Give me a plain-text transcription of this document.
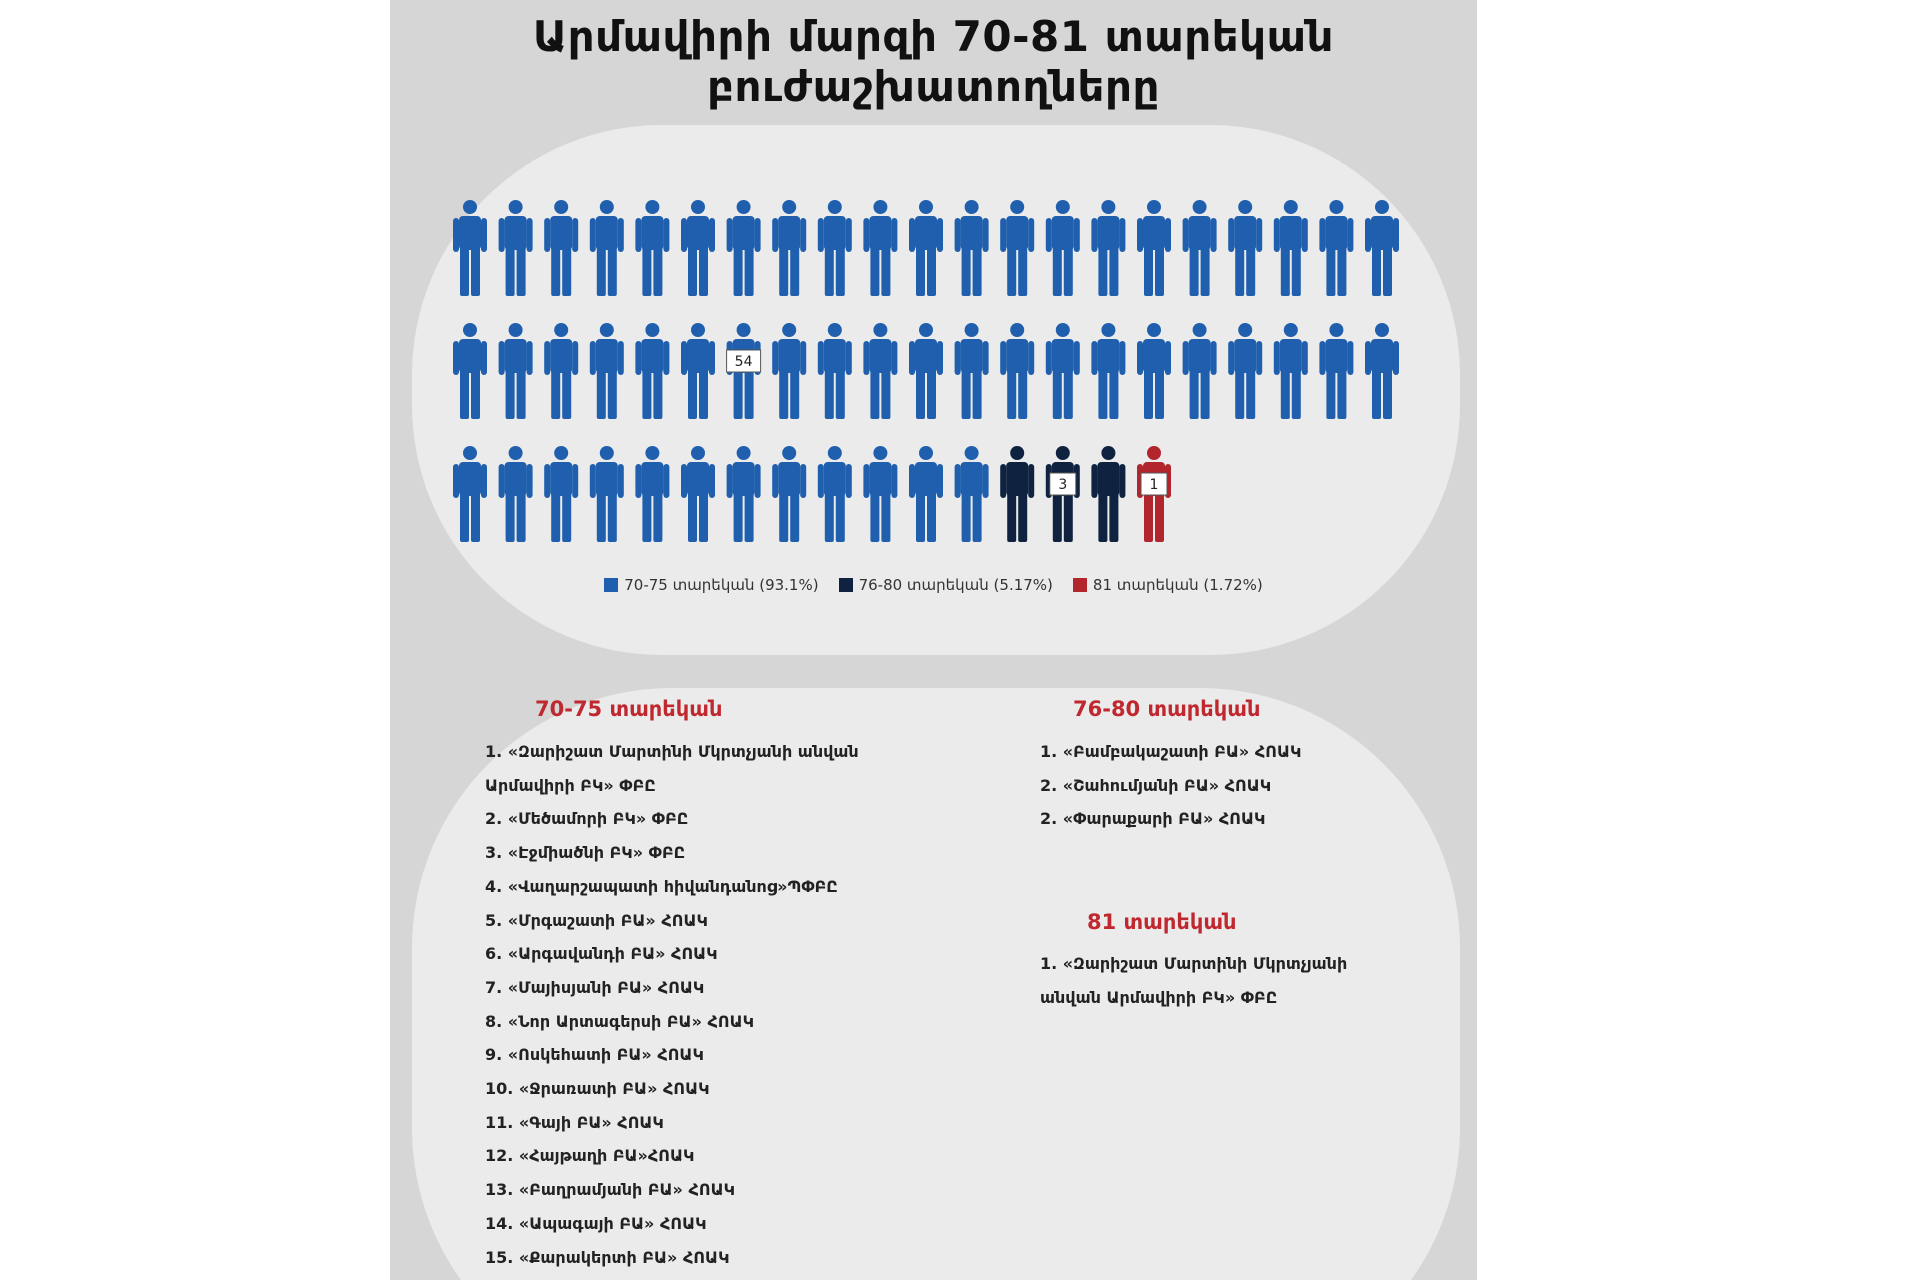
Արմավիրի մարզի 70-81 տարեկան
բուժաշխատողները
54
3	1
70-75 տարեկան (93.1%)	76-80 տարեկան (5.17%)	81 տարեկան (1.72%)
70-75 տարեկան
1. «Զարիշատ Մարտինի Մկրտչյանի անվան
Արմավիրի ԲԿ» ՓԲԸ
2. «Մեծամորի ԲԿ» ՓԲԸ
3. «Էջմիածնի ԲԿ» ՓԲԸ
4. «Վաղարշապատի հիվանդանոց»ՊՓԲԸ
5. «Մրգաշատի ԲԱ» ՀՈԱԿ
6. «Արգավանդի ԲԱ» ՀՈԱԿ
7. «Մայիսյանի ԲԱ» ՀՈԱԿ
8. «Նոր Արտագերսի ԲԱ» ՀՈԱԿ
9. «Ոսկեհատի ԲԱ» ՀՈԱԿ
10. «Ջրառատի ԲԱ» ՀՈԱԿ
11. «Գայի ԲԱ» ՀՈԱԿ
12. «Հայթաղի ԲԱ»ՀՈԱԿ
13. «Բաղրամյանի ԲԱ» ՀՈԱԿ
14. «Ապագայի ԲԱ» ՀՈԱԿ
15. «Քարակերտի ԲԱ» ՀՈԱԿ
76-80 տարեկան
1. «Բամբակաշատի ԲԱ» ՀՈԱԿ
2. «Շահումյանի ԲԱ» ՀՈԱԿ
2. «Փարաքարի ԲԱ» ՀՈԱԿ
81 տարեկան
1. «Զարիշատ Մարտինի Մկրտչյանի
անվան Արմավիրի ԲԿ» ՓԲԸ
